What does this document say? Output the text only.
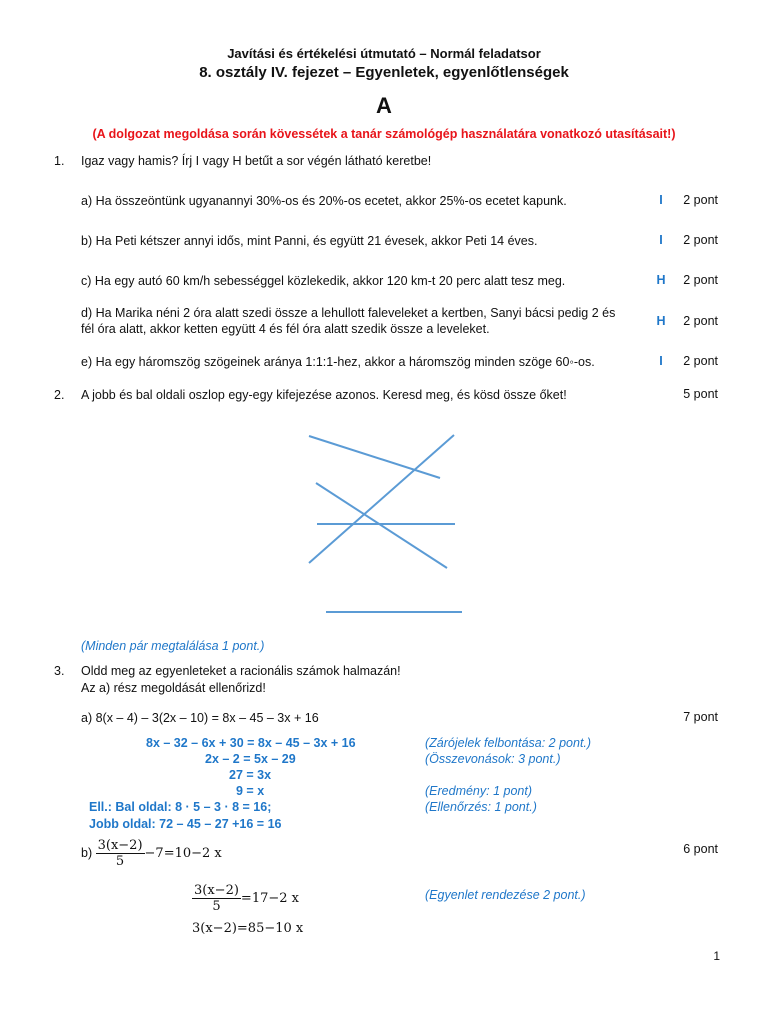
Javítási és értékelési útmutató – Normál feladatsor
8. osztály IV. fejezet – Egyenletek, egyenlőtlenségek
A
(A dolgozat megoldása során kövessétek a tanár számológép használatára vonatkozó utasításait!)
1. Igaz vagy hamis? Írj I vagy H betűt a sor végén látható keretbe!
a) Ha összeöntünk ugyanannyi 30%-os és 20%-os ecetet, akkor 25%-os ecetet kapunk.	I	2 pont
b) Ha Peti kétszer annyi idős, mint Panni, és együtt 21 évesek, akkor Peti 14 éves.	I	2 pont
c) Ha egy autó 60 km/h sebességgel közlekedik, akkor 120 km-t 20 perc alatt tesz meg.	H 2 pont
d) Ha Marika néni 2 óra alatt szedi össze a lehullott faleveleket a kertben, Sanyi bácsi pedig 2 és
fél óra alatt, akkor ketten együtt 4 és fél óra alatt szedik össze a leveleket.
H 2 pont
e) Ha egy háromszög szögeinek aránya 1:1:1-hez, akkor a háromszög minden szöge 60◦-os.	I	2 pont
2. A jobb és bal oldali oszlop egy-egy kifejezése azonos. Keresd meg, és kösd össze őket!	5 pont
(Minden pár megtalálása 1 pont.)
3. Oldd meg az egyenleteket a racionális számok halmazán!
Az a) rész megoldását ellenőrizd!
a) 8(x – 4) – 3(2x – 10) = 8x – 45 – 3x + 16	7 pont
8x – 32 – 6x + 30 = 8x – 45 – 3x + 16	(Zárójelek felbontása: 2 pont.)
2x – 2 = 5x – 29	(Összevonások: 3 pont.)
27 = 3x
9 = x	(Eredmény: 1 pont)
Ell.: Bal oldal: 8 · 5 – 3 · 8 = 16;	(Ellenőrzés: 1 pont.)
Jobb oldal: 72 – 45 – 27 +16 = 16
$b) \frac{3(x-2)}{5} -7=10-2$ x	6 pont
$\frac{3(x-2)}{5} =17-2$ x	(Egyenlet rendezése 2 pont.)
3(x−2)=85−10 x
1
